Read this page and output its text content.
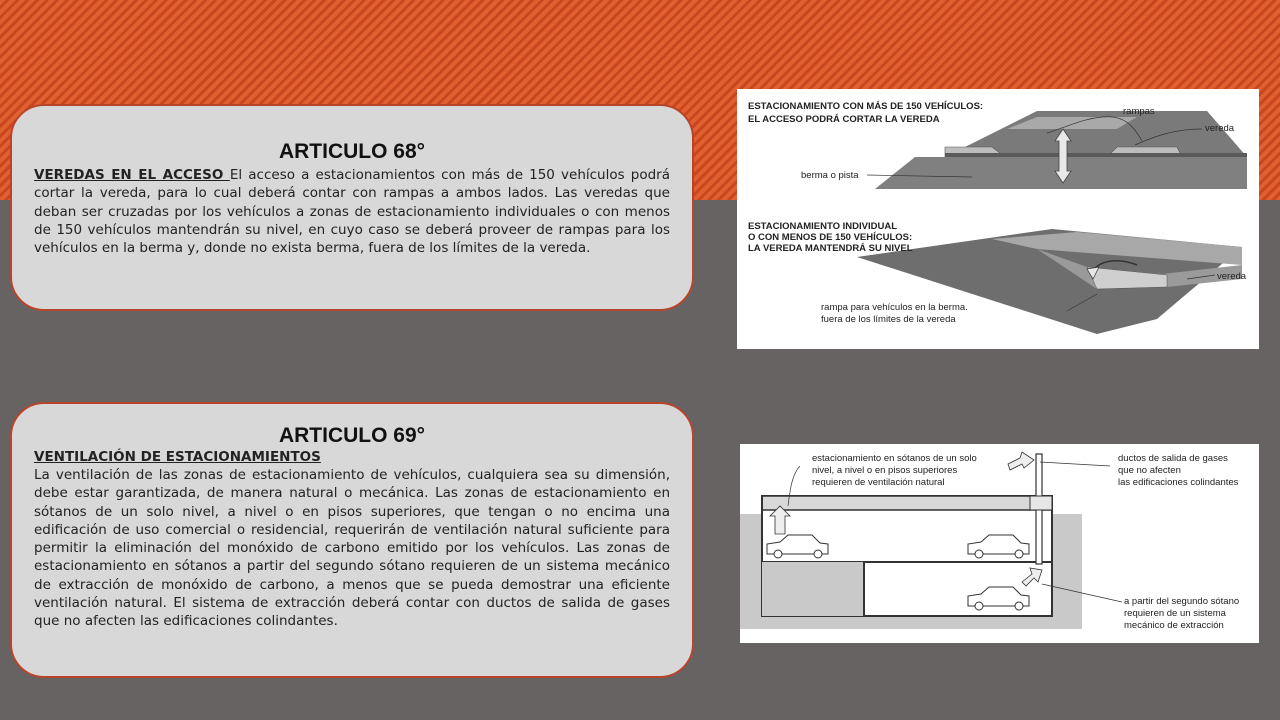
ARTICULO 68°

VEREDAS EN EL ACCESO El acceso a estacionamientos con más de 150 vehículos podrá cortar la vereda, para lo cual deberá contar con rampas a ambos lados. Las veredas que deban ser cruzadas por los vehículos a zonas de estacionamiento individuales o con menos de 150 vehículos mantendrán su nivel, en cuyo caso se deberá proveer de rampas para los vehículos en la berma y, donde no exista berma, fuera de los límites de la vereda.

ARTICULO 69°
VENTILACIÓN DE ESTACIONAMIENTOS

La ventilación de las zonas de estacionamiento de vehículos, cualquiera sea su dimensión, debe estar garantizada, de manera natural o mecánica. Las zonas de estacionamiento en sótanos de un solo nivel, a nivel o en pisos superiores, que tengan o no encima una edificación de uso comercial o residencial, requerirán de ventilación natural suficiente para permitir la eliminación del monóxido de carbono emitido por los vehículos. Las zonas de estacionamiento en sótanos a partir del segundo sótano requieren de un sistema mecánico de extracción de monóxido de carbono, a menos que se pueda demostrar una eficiente ventilación natural. El sistema de extracción deberá contar con ductos de salida de gases que no afecten las edificaciones colindantes.

ESTACIONAMIENTO CON MÁS DE 150 VEHÍCULOS:
EL ACCESO PODRÁ CORTAR LA VEREDA
rampas
vereda
berma o pista
ESTACIONAMIENTO INDIVIDUAL
O CON MENOS DE 150 VEHÍCULOS:
LA VEREDA MANTENDRÁ SU NIVEL
vereda
rampa para vehículos en la berma.
fuera de los límites de la vereda
estacionamiento en sótanos de un solo
nivel, a nivel o en pisos superiores
requieren de ventilación natural
ductos de salida de gases
que no afecten
las edificaciones colindantes
a partir del segundo sótano
requieren de un sistema
mecánico de extracción
